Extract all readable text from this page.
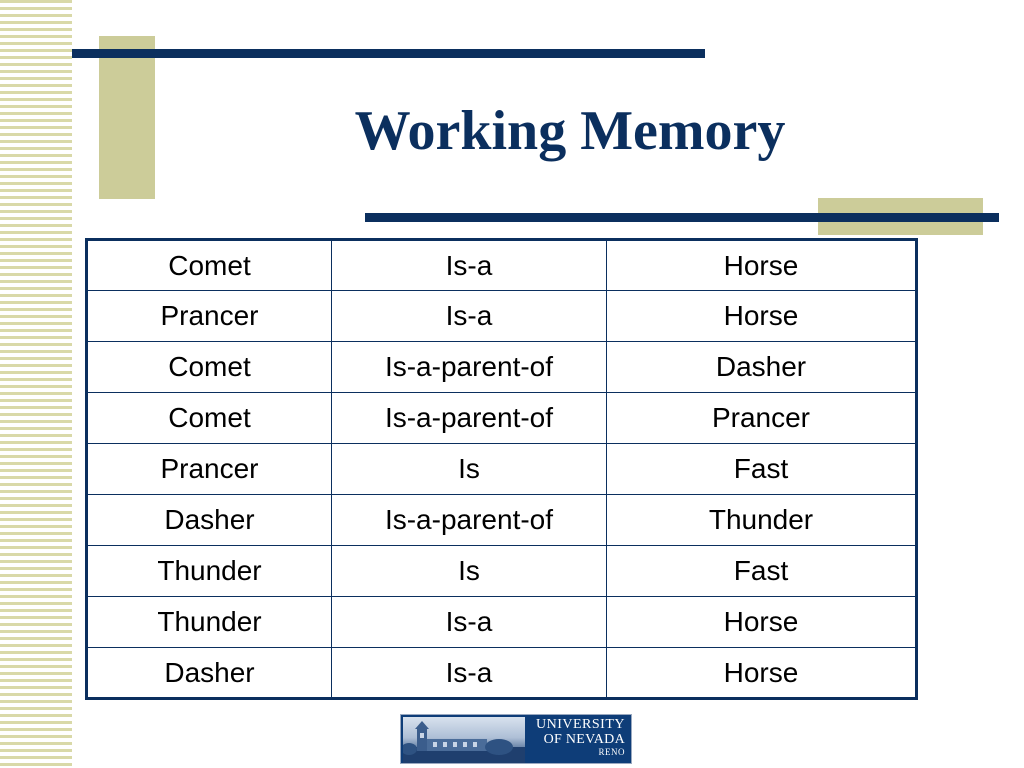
Working Memory
Comet	Is-a	Horse
Prancer	Is-a	Horse
Comet	Is-a-parent-of	Dasher
Comet	Is-a-parent-of	Prancer
Prancer	Is	Fast
Dasher	Is-a-parent-of	Thunder
Thunder	Is	Fast
Thunder	Is-a	Horse
Dasher	Is-a	Horse
UNIVERSITY
OF NEVADA
RENO
